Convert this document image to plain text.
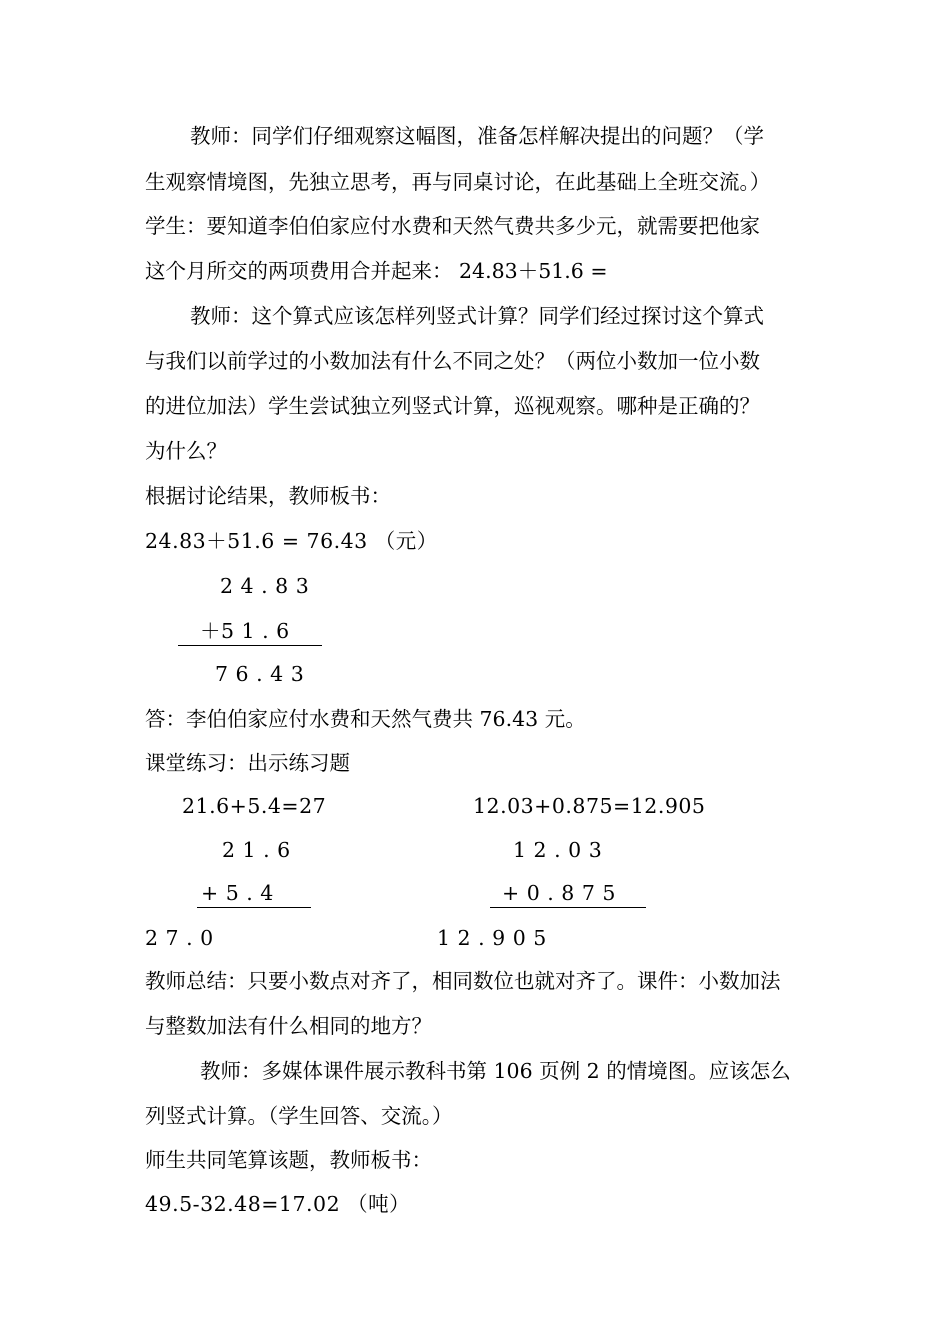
教师：同学们仔细观察这幅图，准备怎样解决提出的问题？（学
生观察情境图，先独立思考，再与同桌讨论，在此基础上全班交流。）
学生：要知道李伯伯家应付水费和天然气费共多少元，就需要把他家
这个月所交的两项费用合并起来： 24.83＋51.6 =
教师：这个算式应该怎样列竖式计算？同学们经过探讨这个算式
与我们以前学过的小数加法有什么不同之处？（两位小数加一位小数
的进位加法）学生尝试独立列竖式计算，巡视观察。哪种是正确的？
为什么？
根据讨论结果，教师板书：
24.83＋51.6 = 76.43 （元）
2 4 . 8 3
＋5 1 . 6
7 6 . 4 3
答：李伯伯家应付水费和天然气费共 76.43 元。
课堂练习：出示练习题
21.6+5.4=27	12.03+0.875=12.905
2 1 . 6	1 2 . 0 3
+ 5 . 4	+ 0 . 8 7 5
2 7 . 0	1 2 . 9 0 5
教师总结：只要小数点对齐了，相同数位也就对齐了。课件：小数加法
与整数加法有什么相同的地方？
教师：多媒体课件展示教科书第 106 页例 2 的情境图。应该怎么
列竖式计算。（学生回答、交流。）
师生共同笔算该题，教师板书：
49.5-32.48=17.02 （吨）
